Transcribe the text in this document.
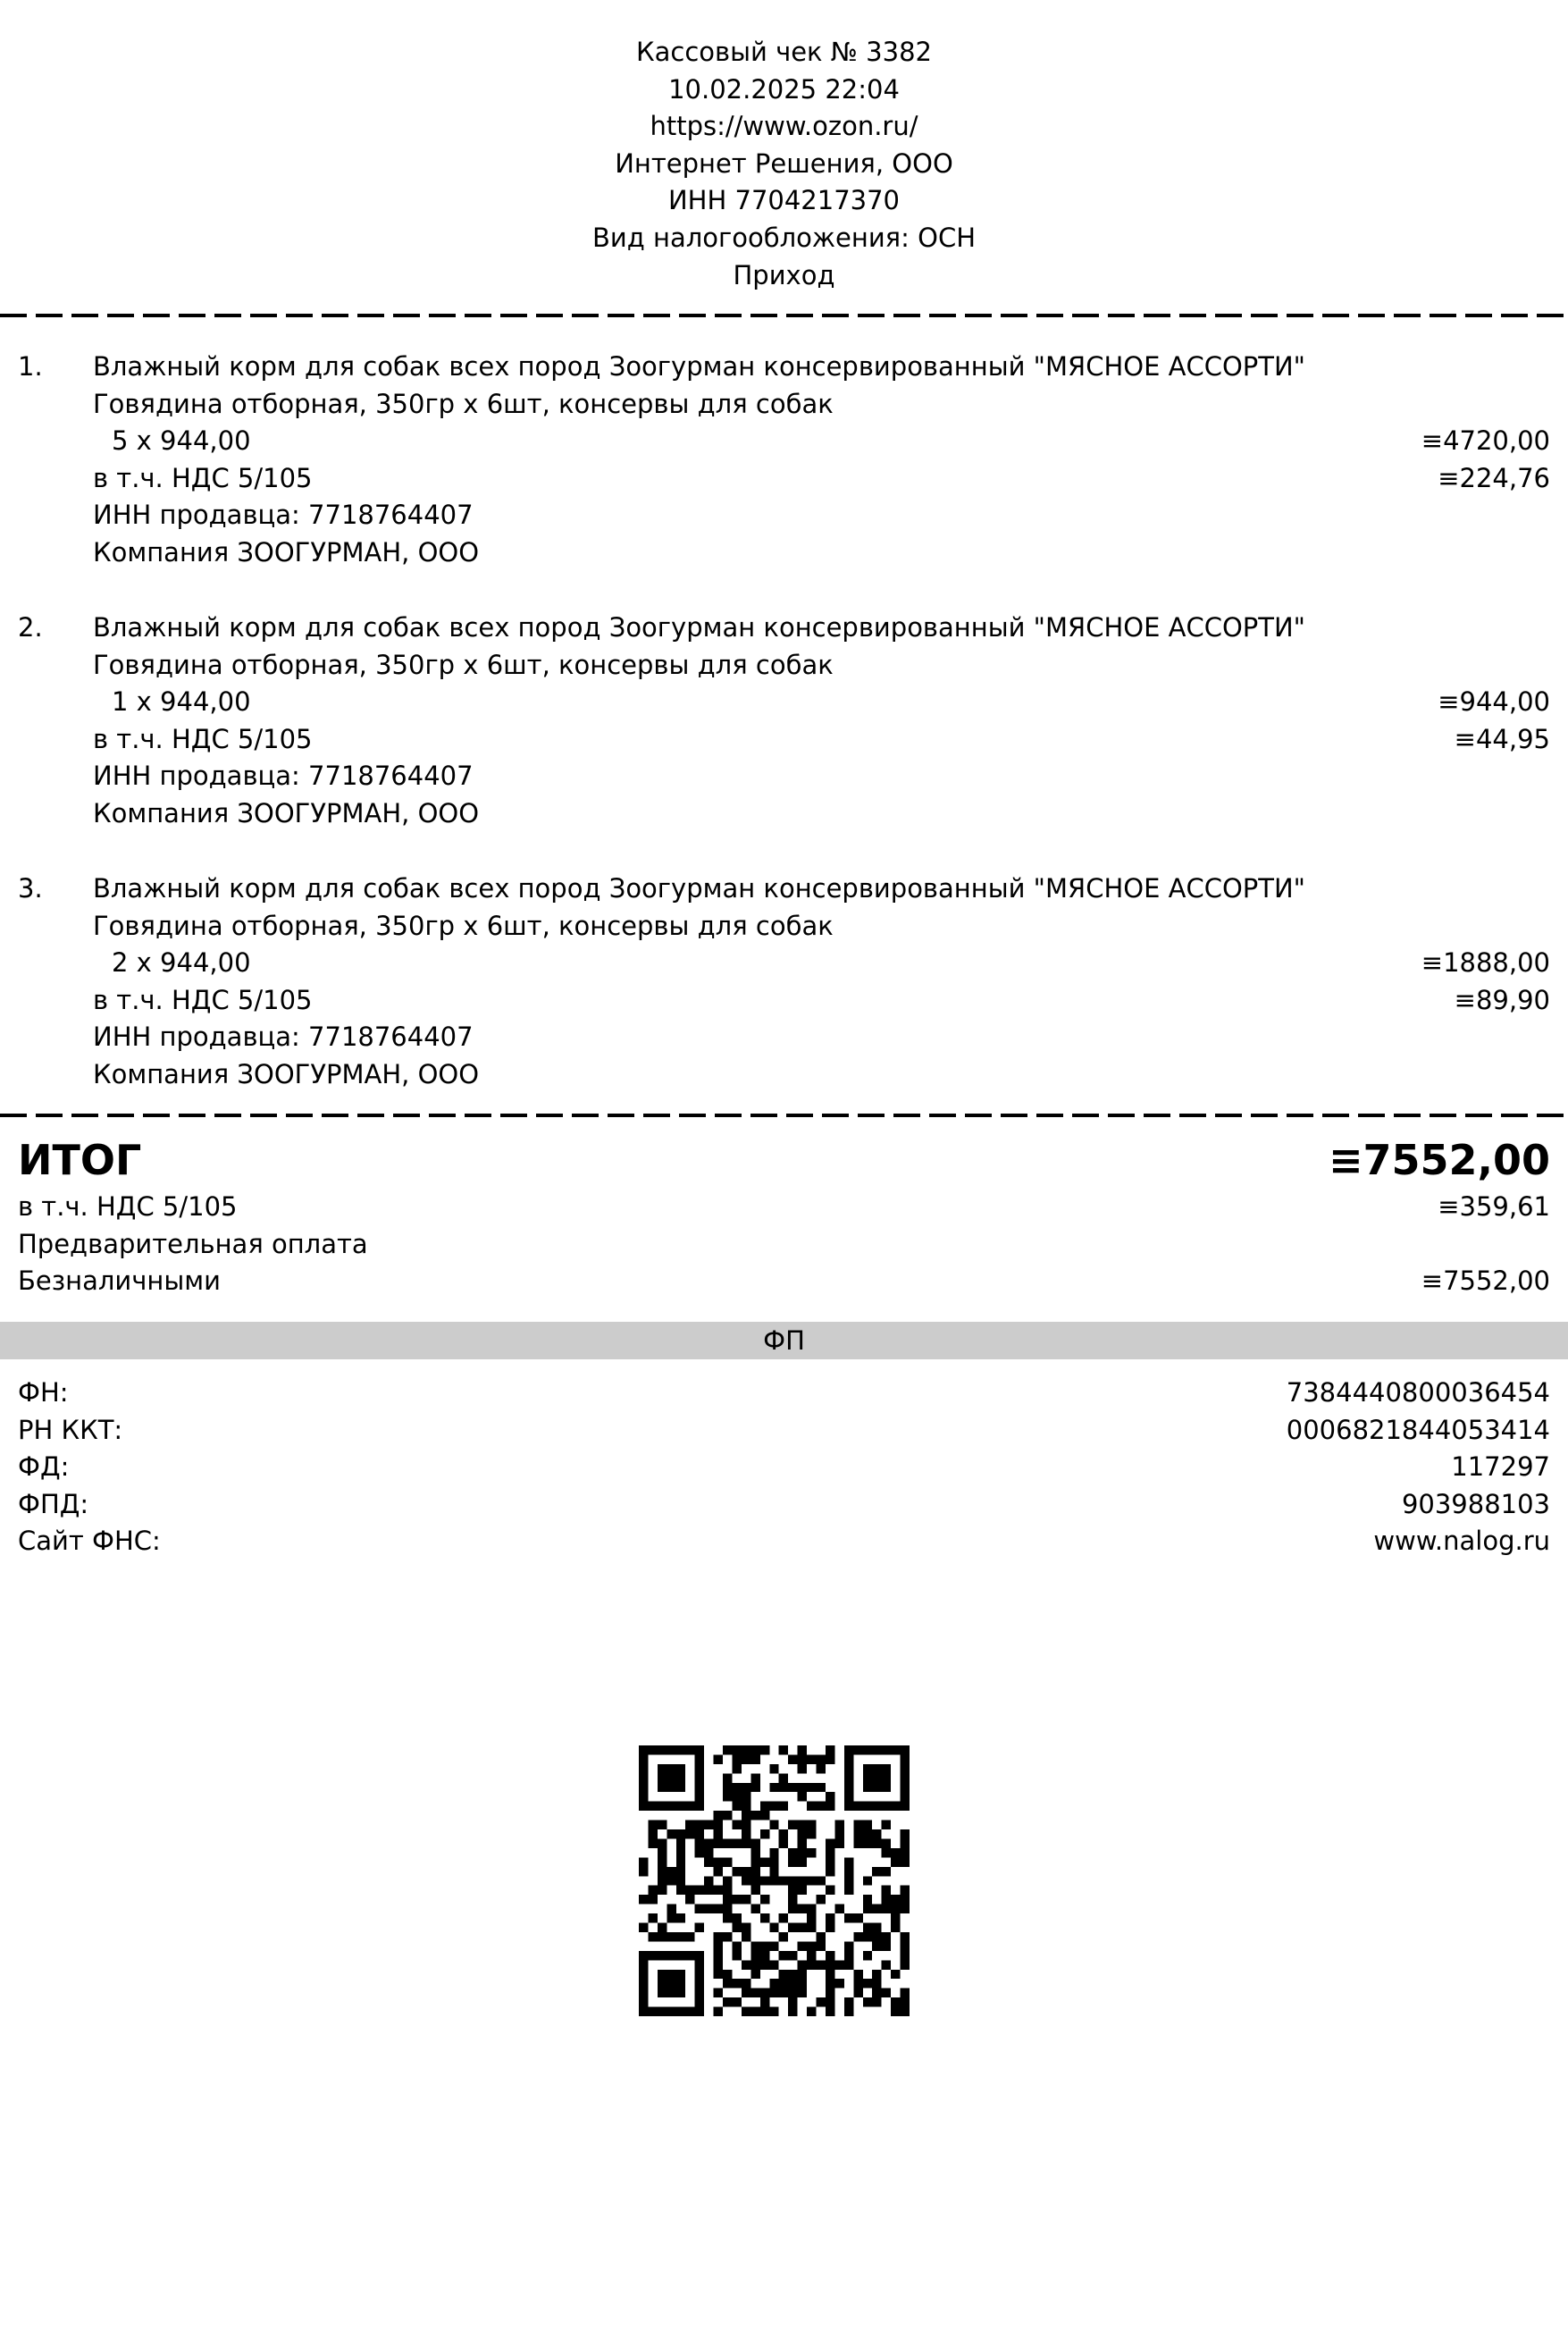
Кассовый чек № 3382
10.02.2025 22:04
https://www.ozon.ru/
Интернет Решения, ООО
ИНН 7704217370
Вид налогообложения: ОСН
Приход
1. Влажный корм для собак всех пород Зоогурман консервированный "МЯСНОЕ АССОРТИ"
Говядина отборная, 350гр х 6шт, консервы для собак
5 x 944,00	≡4720,00
в т.ч. НДС 5/105	≡224,76
ИНН продавца: 7718764407
Компания ЗООГУРМАН, ООО
2. Влажный корм для собак всех пород Зоогурман консервированный "МЯСНОЕ АССОРТИ"
Говядина отборная, 350гр х 6шт, консервы для собак
1 x 944,00	≡944,00
в т.ч. НДС 5/105	≡44,95
ИНН продавца: 7718764407
Компания ЗООГУРМАН, ООО
3. Влажный корм для собак всех пород Зоогурман консервированный "МЯСНОЕ АССОРТИ"
Говядина отборная, 350гр х 6шт, консервы для собак
2 x 944,00	≡1888,00
в т.ч. НДС 5/105	≡89,90
ИНН продавца: 7718764407
Компания ЗООГУРМАН, ООО
ИТОГ	≡7552,00
в т.ч. НДС 5/105	≡359,61
Предварительная оплата
Безналичными	≡7552,00
ФП
ФН:	7384440800036454
РН ККТ:	0006821844053414
ФД:	117297
ФПД:	903988103
Сайт ФНС:	www.nalog.ru
